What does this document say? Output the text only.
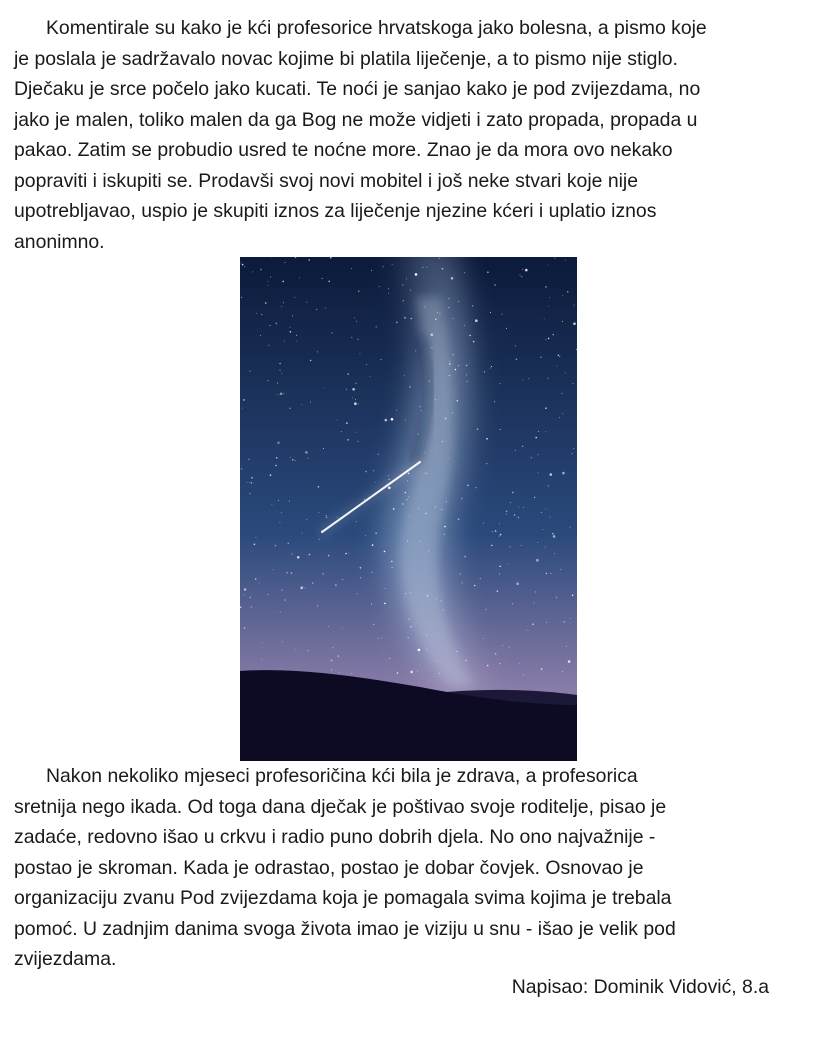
Komentirale su kako je kći profesorice hrvatskoga jako bolesna, a pismo koje
je poslala je sadržavalo novac kojime bi platila liječenje, a to pismo nije stiglo.
Dječaku je srce počelo jako kucati. Te noći je sanjao kako je pod zvijezdama, no
jako je malen, toliko malen da ga Bog ne može vidjeti i zato propada, propada u
pakao. Zatim se probudio usred te noćne more. Znao je da mora ovo nekako
popraviti i iskupiti se. Prodavši svoj novi mobitel i još neke stvari koje nije
upotrebljavao, uspio je skupiti iznos za liječenje njezine kćeri i uplatio iznos
anonimno.

Nakon nekoliko mjeseci profesoričina kći bila je zdrava, a profesorica
sretnija nego ikada. Od toga dana dječak je poštivao svoje roditelje, pisao je
zadaće, redovno išao u crkvu i radio puno dobrih djela. No ono najvažnije -
postao je skroman. Kada je odrastao, postao je dobar čovjek. Osnovao je
organizaciju zvanu Pod zvijezdama koja je pomagala svima kojima je trebala
pomoć. U zadnjim danima svoga života imao je viziju u snu - išao je velik pod
zvijezdama.

Napisao: Dominik Vidović, 8.a
